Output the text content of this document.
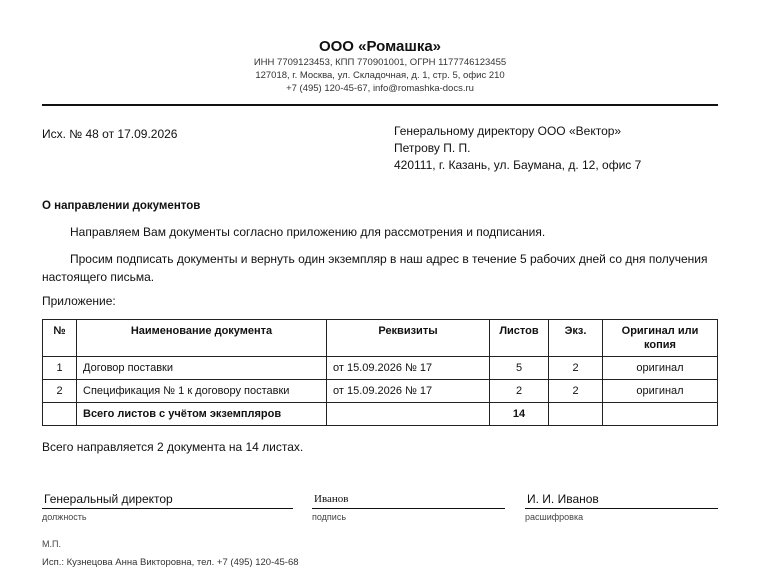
ООО «Ромашка»
ИНН 7709123453, КПП 770901001, ОГРН 1177746123455
127018, г. Москва, ул. Складочная, д. 1, стр. 5, офис 210
+7 (495) 120-45-67, info@romashka-docs.ru
Исх. № 48 от 17.09.2026	Генеральному директору ООО «Вектор»
Петрову П. П.
420111, г. Казань, ул. Баумана, д. 12, офис 7
О направлении документов
Направляем Вам документы согласно приложению для рассмотрения и подписания.
Просим подписать документы и вернуть один экземпляр в наш адрес в течение 5 рабочих дней со дня получения настоящего письма.
Приложение:
№	Наименование документа	Реквизиты	Листов	Экз.	Оригинал или копия
1	Договор поставки	от 15.09.2026 № 17	5	2	оригинал
2	Спецификация № 1 к договору поставки	от 15.09.2026 № 17	2	2	оригинал
	Всего листов с учётом экземпляров		14		
Всего направляется 2 документа на 14 листах.
Генеральный директор
должность
Иванов
подпись
И. И. Иванов
расшифровка
М.П.
Исп.: Кузнецова Анна Викторовна, тел. +7 (495) 120-45-68
